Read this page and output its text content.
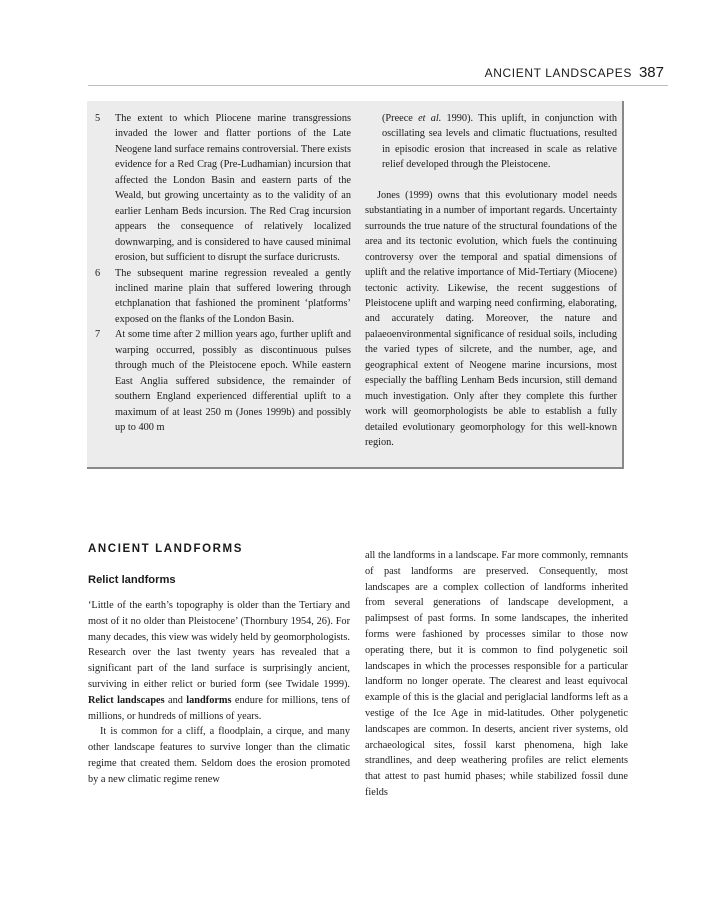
ANCIENT LANDSCAPES 387
5 The extent to which Pliocene marine transgressions invaded the lower and flatter portions of the Late Neogene land surface remains controversial. There exists evidence for a Red Crag (Pre-Ludhamian) incursion that affected the London Basin and eastern parts of the Weald, but growing uncertainty as to the validity of an earlier Lenham Beds incursion. The Red Crag incursion appears the consequence of relatively localized downwarping, and is considered to have caused minimal erosion, but sufficient to disrupt the surface duricrusts.
6 The subsequent marine regression revealed a gently inclined marine plain that suffered lowering through etchplanation that fashioned the prominent ‘platforms’ exposed on the flanks of the London Basin.
7 At some time after 2 million years ago, further uplift and warping occurred, possibly as discontinuous pulses through much of the Pleistocene epoch. While eastern East Anglia suffered subsidence, the remainder of southern England experienced differential uplift to a maximum of at least 250 m (Jones 1999b) and possibly up to 400 m
(Preece et al. 1990). This uplift, in conjunction with oscillating sea levels and climatic fluctuations, resulted in episodic erosion that increased in scale as relative relief developed through the Pleistocene.
Jones (1999) owns that this evolutionary model needs substantiating in a number of important regards. Uncertainty surrounds the true nature of the structural foundations of the area and its tectonic evolution, which fuels the continuing controversy over the temporal and spatial dimensions of uplift and the relative importance of Mid-Tertiary (Miocene) tectonic activity. Likewise, the recent suggestions of Pleistocene uplift and warping need confirming, elaborating, and accurately dating. Moreover, the nature and palaeoenvironmental significance of residual soils, including the varied types of silcrete, and the number, age, and geographical extent of Neogene marine incursions, most especially the baffling Lenham Beds incursion, still demand much investigation. Only after they complete this further work will geomorphologists be able to establish a fully detailed evolutionary geomorphology for this well-known region.
ANCIENT LANDFORMS
Relict landforms

‘Little of the earth’s topography is older than the Tertiary and most of it no older than Pleistocene’ (Thornbury 1954, 26). For many decades, this view was widely held by geomorphologists. Research over the last twenty years has revealed that a significant part of the land surface is surprisingly ancient, surviving in either relict or buried form (see Twidale 1999). Relict landscapes and landforms endure for millions, tens of millions, or hundreds of millions of years.

It is common for a cliff, a floodplain, a cirque, and many other landscape features to survive longer than the climatic regime that created them. Seldom does the erosion promoted by a new climatic regime renew

all the landforms in a landscape. Far more commonly, remnants of past landforms are preserved. Consequently, most landscapes are a complex collection of landforms inherited from several generations of landscape development, a palimpsest of past forms. In some landscapes, the inherited forms were fashioned by processes similar to those now operating there, but it is common to find polygenetic soil landscapes in which the processes responsible for a particular landform no longer operate. The clearest and least equivocal example of this is the glacial and periglacial landforms left as a vestige of the Ice Age in mid-latitudes. Other polygenetic landscapes are common. In deserts, ancient river systems, old archaeological sites, fossil karst phenomena, high lake strandlines, and deep weathering profiles are relict elements that attest to past humid phases; while stabilized fossil dune fields
